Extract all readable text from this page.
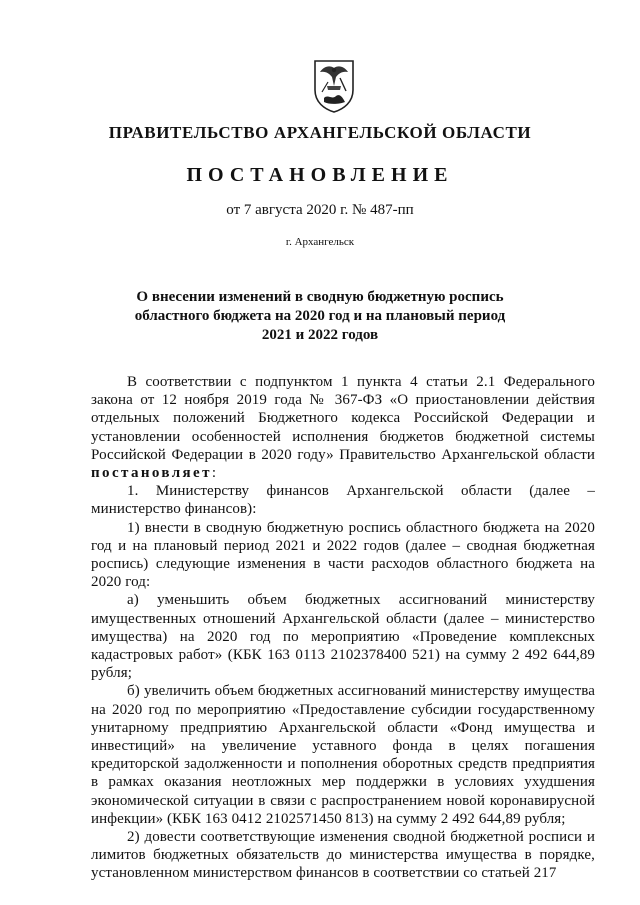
ПРАВИТЕЛЬСТВО АРХАНГЕЛЬСКОЙ ОБЛАСТИ
ПОСТАНОВЛЕНИЕ
от 7 августа 2020 г. № 487-пп
г. Архангельск
О внесении изменений в сводную бюджетную роспись
областного бюджета на 2020 год и на плановый период
2021 и 2022 годов

В соответствии с подпунктом 1 пункта 4 статьи 2.1 Федерального закона от 12 ноября 2019 года № 367-ФЗ «О приостановлении действия отдельных положений Бюджетного кодекса Российской Федерации и установлении особенностей исполнения бюджетов бюджетной системы Российской Федерации в 2020 году» Правительство Архангельской области постановляет:

1. Министерству финансов Архангельской области (далее – министерство финансов):

1) внести в сводную бюджетную роспись областного бюджета на 2020 год и на плановый период 2021 и 2022 годов (далее – сводная бюджетная роспись) следующие изменения в части расходов областного бюджета на 2020 год:

а) уменьшить объем бюджетных ассигнований министерству имущественных отношений Архангельской области (далее – министерство имущества) на 2020 год по мероприятию «Проведение комплексных кадастровых работ» (КБК 163 0113 2102378400 521) на сумму 2 492 644,89 рубля;

б) увеличить объем бюджетных ассигнований министерству имущества на 2020 год по мероприятию «Предоставление субсидии государственному унитарному предприятию Архангельской области «Фонд имущества и инвестиций» на увеличение уставного фонда в целях погашения кредиторской задолженности и пополнения оборотных средств предприятия в рамках оказания неотложных мер поддержки в условиях ухудшения экономической ситуации в связи с распространением новой коронавирусной инфекции» (КБК 163 0412 2102571450 813) на сумму 2 492 644,89 рубля;

2) довести соответствующие изменения сводной бюджетной росписи и лимитов бюджетных обязательств до министерства имущества в порядке, установленном министерством финансов в соответствии со статьей 217
